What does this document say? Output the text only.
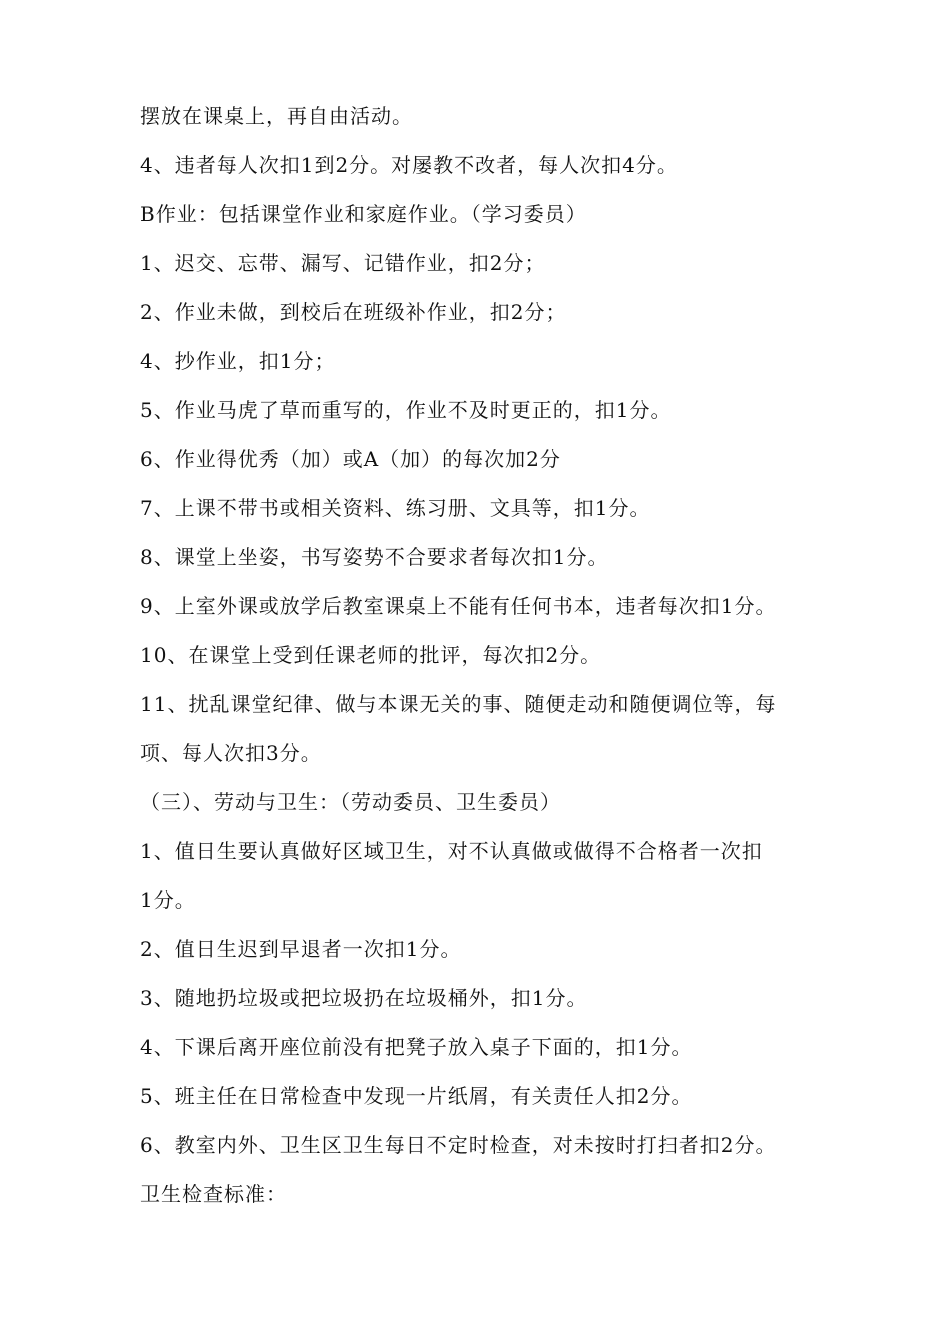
摆放在课桌上，再自由活动。

4、违者每人次扣1到2分。对屡教不改者，每人次扣4分。

B作业：包括课堂作业和家庭作业。（学习委员）

1、迟交、忘带、漏写、记错作业，扣2分；

2、作业未做，到校后在班级补作业，扣2分；

4、抄作业，扣1分；

5、作业马虎了草而重写的，作业不及时更正的，扣1分。

6、作业得优秀（加）或A（加）的每次加2分

7、上课不带书或相关资料、练习册、文具等，扣1分。

8、课堂上坐姿，书写姿势不合要求者每次扣1分。

9、上室外课或放学后教室课桌上不能有任何书本，违者每次扣1分。

10、在课堂上受到任课老师的批评，每次扣2分。

11、扰乱课堂纪律、做与本课无关的事、随便走动和随便调位等，每

项、每人次扣3分。

（三）、劳动与卫生：（劳动委员、卫生委员）

1、值日生要认真做好区域卫生，对不认真做或做得不合格者一次扣

1分。

2、值日生迟到早退者一次扣1分。

3、随地扔垃圾或把垃圾扔在垃圾桶外，扣1分。

4、下课后离开座位前没有把凳子放入桌子下面的，扣1分。

5、班主任在日常检查中发现一片纸屑，有关责任人扣2分。

6、教室内外、卫生区卫生每日不定时检查，对未按时打扫者扣2分。

卫生检查标准：
